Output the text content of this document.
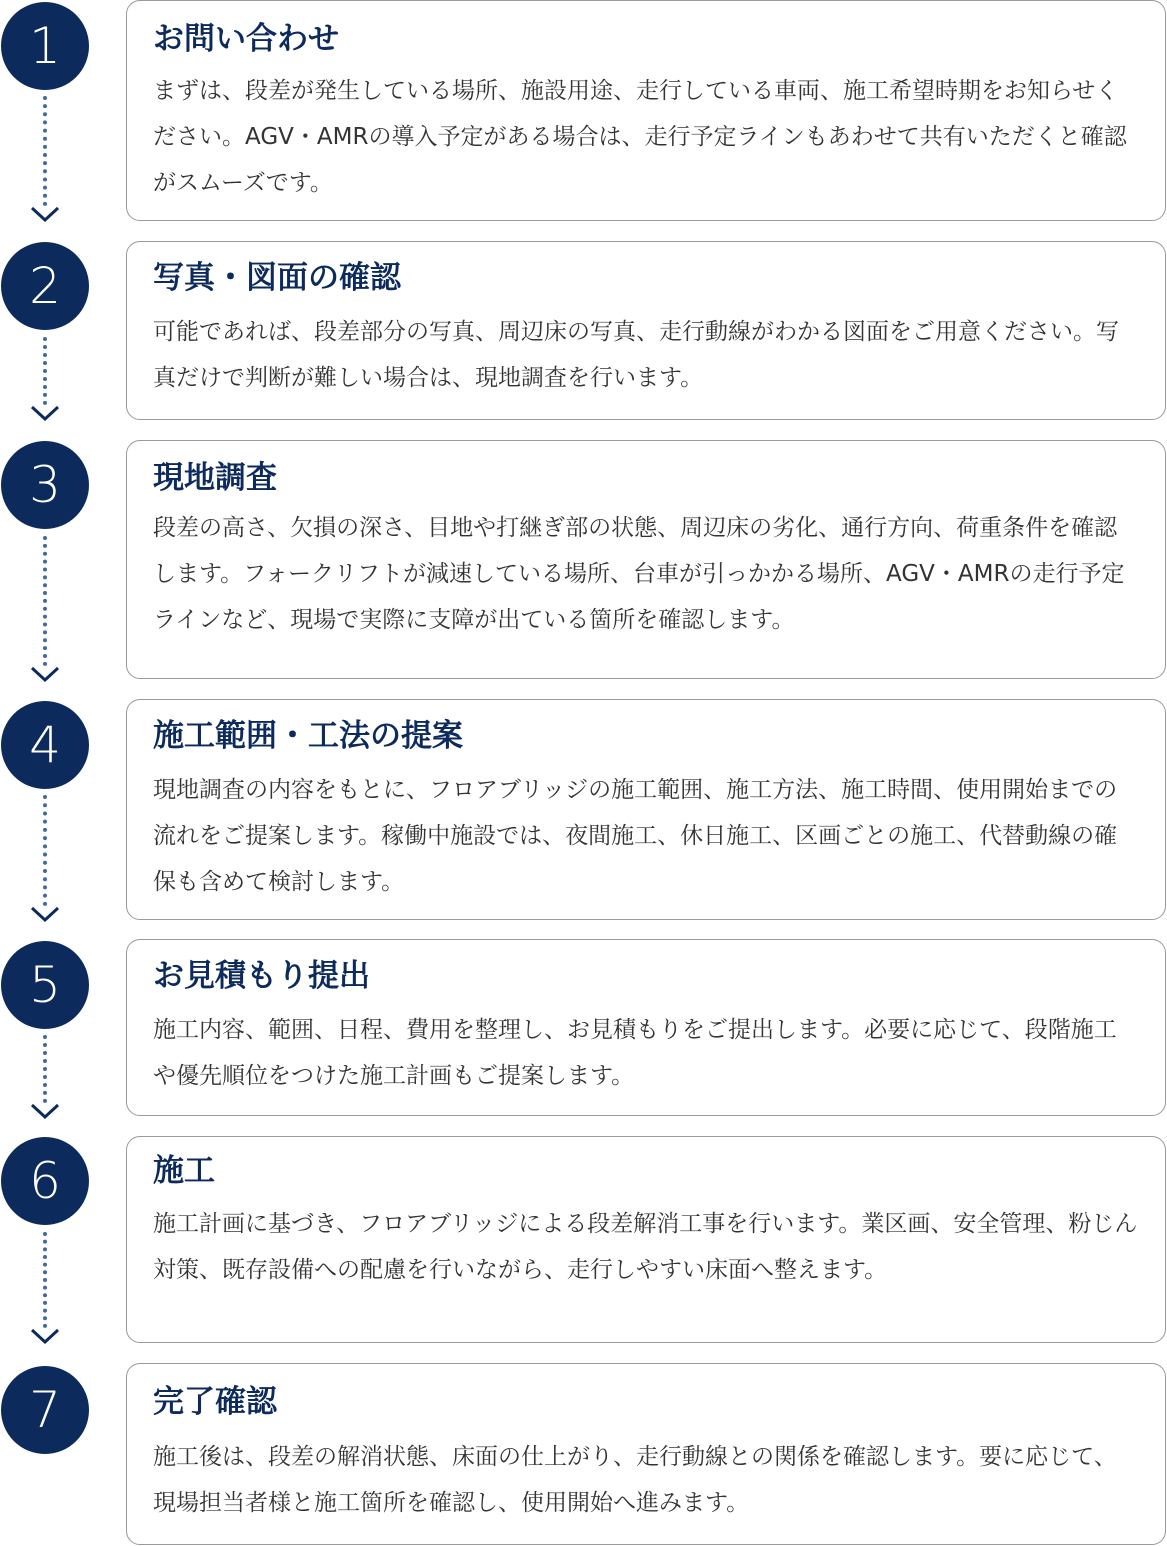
1	お問い合わせ

まずは、段差が発生している場所、施設用途、走行している車両、施工希望時期をお知らせください。AGV・AMRの導入予定がある場合は、走行予定ラインもあわせて共有いただくと確認がスムーズです。

2	写真・図面の確認

可能であれば、段差部分の写真、周辺床の写真、走行動線がわかる図面をご用意ください。写真だけで判断が難しい場合は、現地調査を行います。

3	現地調査

段差の高さ、欠損の深さ、目地や打継ぎ部の状態、周辺床の劣化、通行方向、荷重条件を確認します。フォークリフトが減速している場所、台車が引っかかる場所、AGV・AMRの走行予定ラインなど、現場で実際に支障が出ている箇所を確認します。

4	施工範囲・工法の提案

現地調査の内容をもとに、フロアブリッジの施工範囲、施工方法、施工時間、使用開始までの流れをご提案します。稼働中施設では、夜間施工、休日施工、区画ごとの施工、代替動線の確保も含めて検討します。

5	お見積もり提出

施工内容、範囲、日程、費用を整理し、お見積もりをご提出します。必要に応じて、段階施工や優先順位をつけた施工計画もご提案します。

6	施工

施工計画に基づき、フロアブリッジによる段差解消工事を行います。業区画、安全管理、粉じん対策、既存設備への配慮を行いながら、走行しやすい床面へ整えます。

7	完了確認

施工後は、段差の解消状態、床面の仕上がり、走行動線との関係を確認します。要に応じて、現場担当者様と施工箇所を確認し、使用開始へ進みます。
